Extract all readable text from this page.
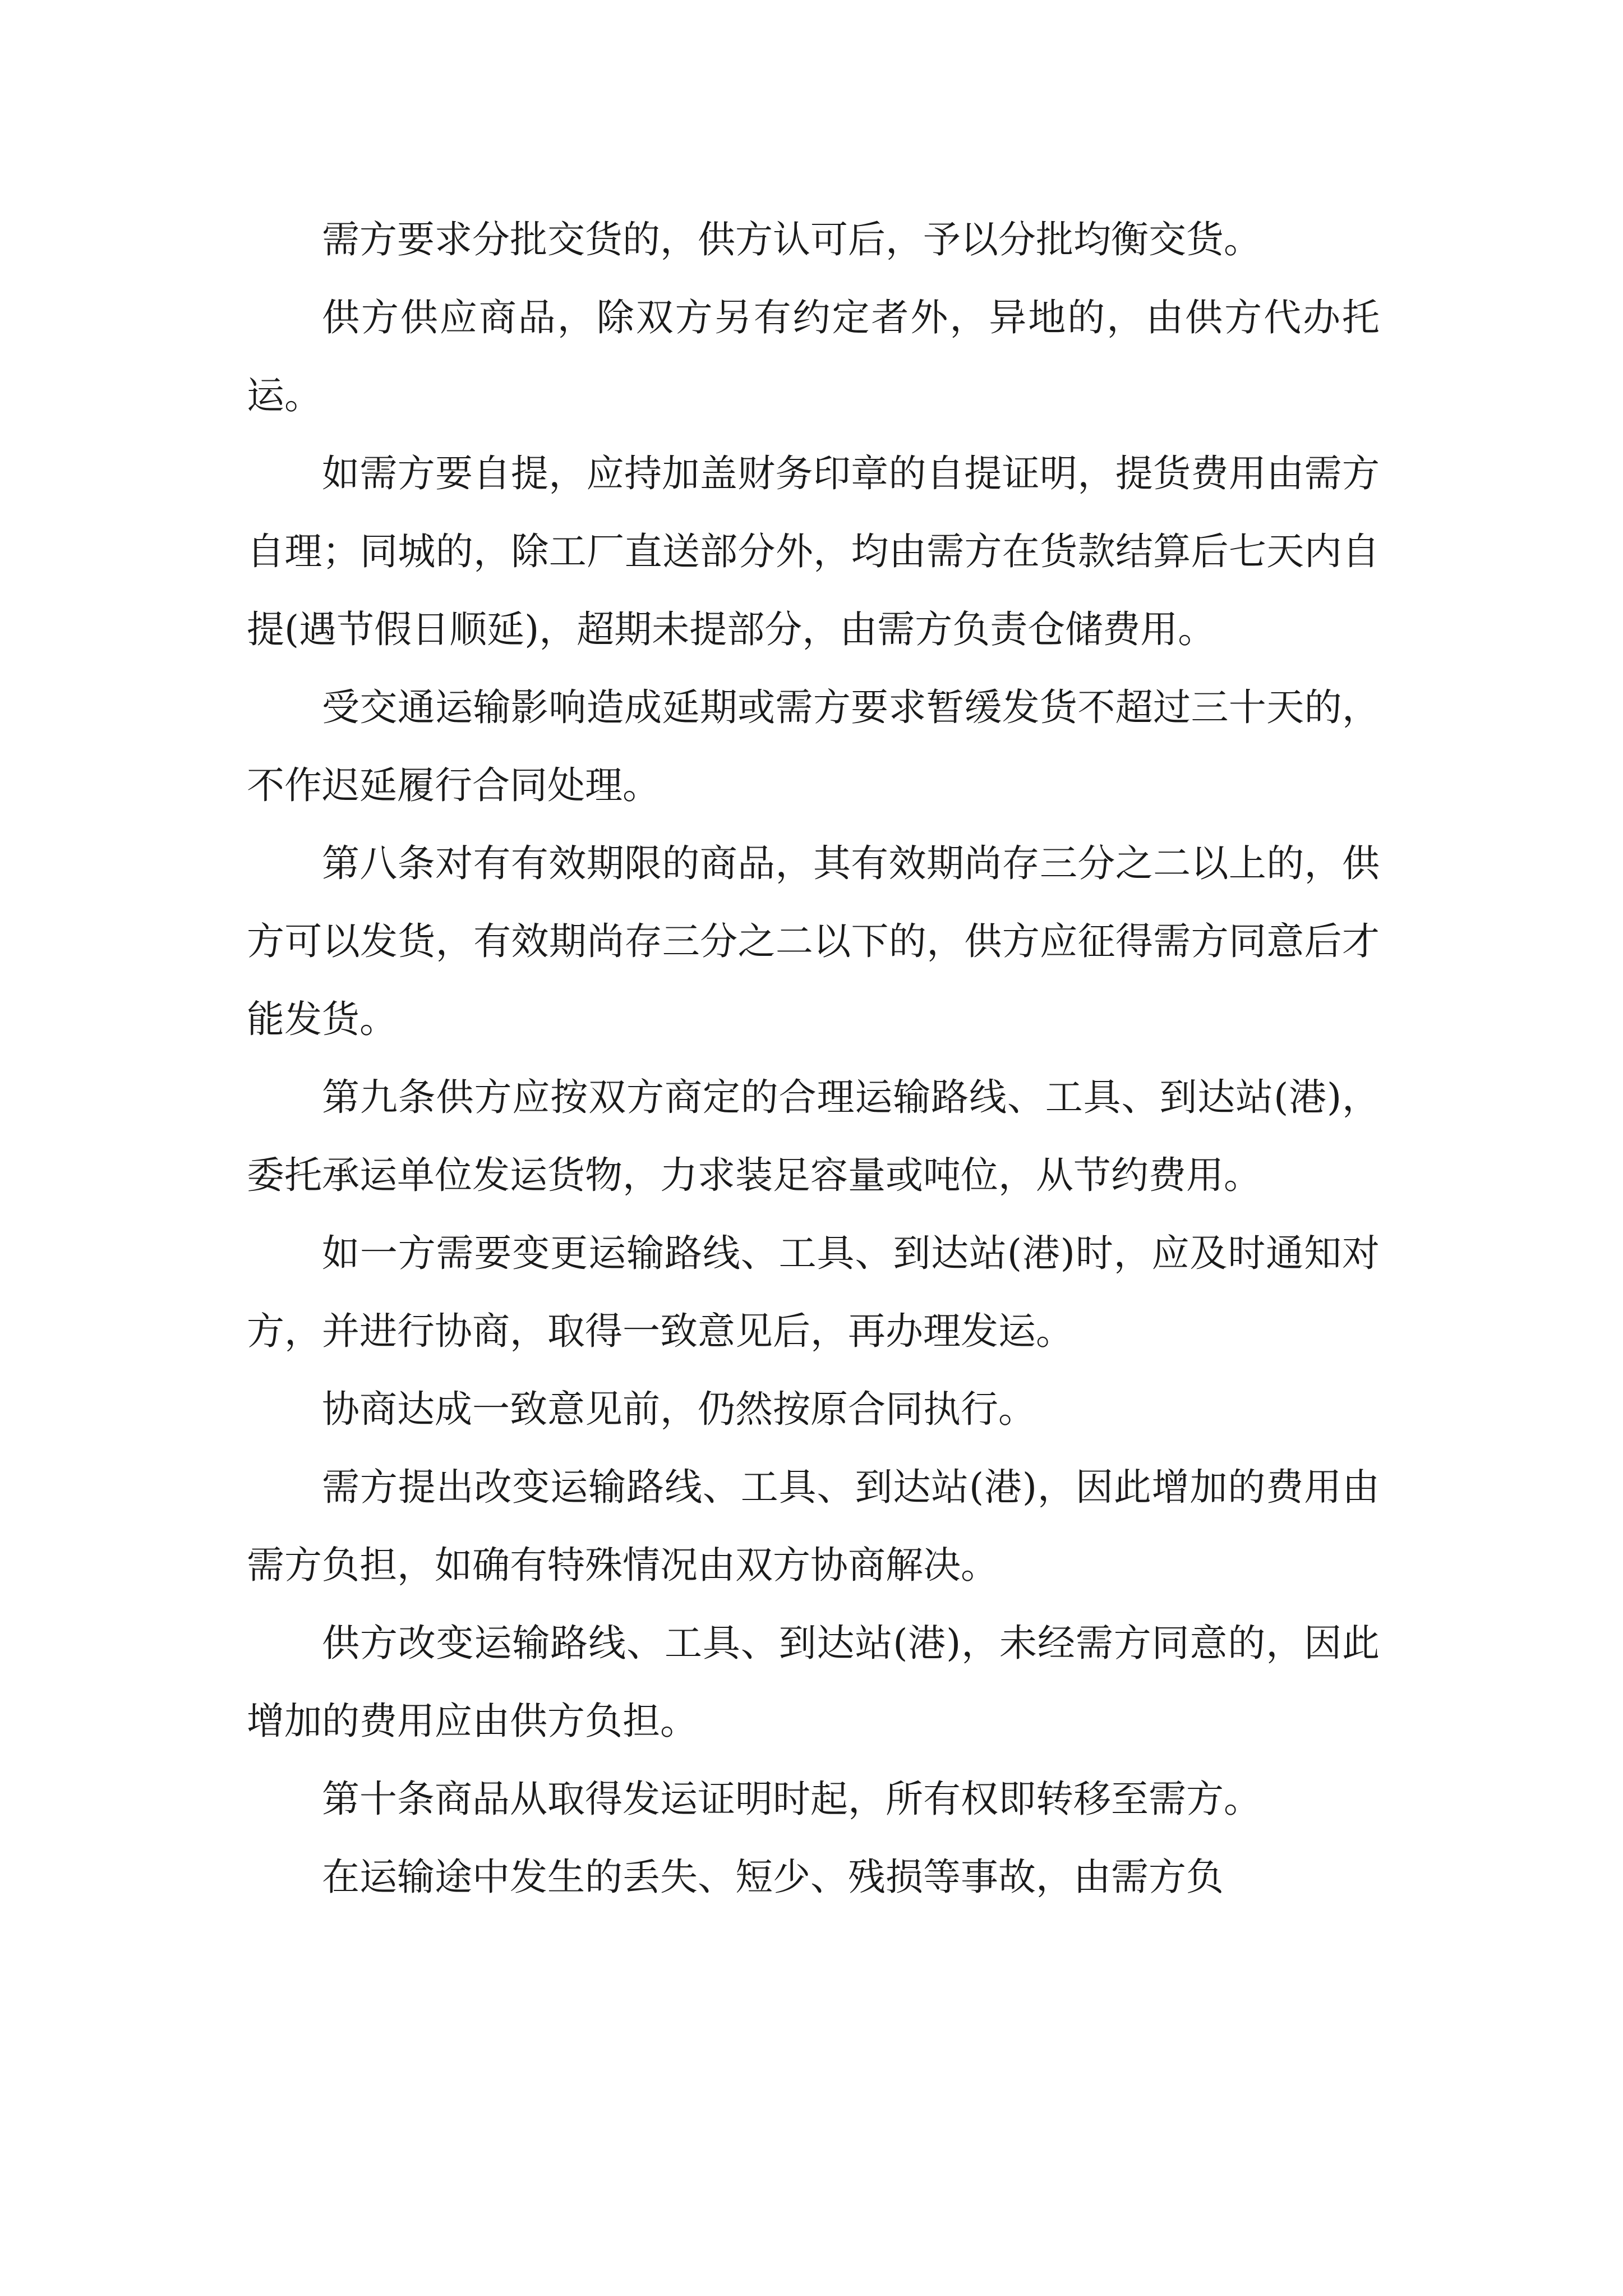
需方要求分批交货的，供方认可后，予以分批均衡交货。

供方供应商品，除双方另有约定者外，异地的，由供方代办托运。

如需方要自提，应持加盖财务印章的自提证明，提货费用由需方自理；同城的，除工厂直送部分外，均由需方在货款结算后七天内自提(遇节假日顺延)，超期未提部分，由需方负责仓储费用。

受交通运输影响造成延期或需方要求暂缓发货不超过三十天的，不作迟延履行合同处理。

第八条对有有效期限的商品，其有效期尚存三分之二以上的，供方可以发货，有效期尚存三分之二以下的，供方应征得需方同意后才能发货。

第九条供方应按双方商定的合理运输路线、工具、到达站(港)，委托承运单位发运货物，力求装足容量或吨位，从节约费用。

如一方需要变更运输路线、工具、到达站(港)时，应及时通知对方，并进行协商，取得一致意见后，再办理发运。

协商达成一致意见前，仍然按原合同执行。

需方提出改变运输路线、工具、到达站(港)，因此增加的费用由需方负担，如确有特殊情况由双方协商解决。

供方改变运输路线、工具、到达站(港)，未经需方同意的，因此增加的费用应由供方负担。

第十条商品从取得发运证明时起，所有权即转移至需方。

在运输途中发生的丢失、短少、残损等事故，由需方负
